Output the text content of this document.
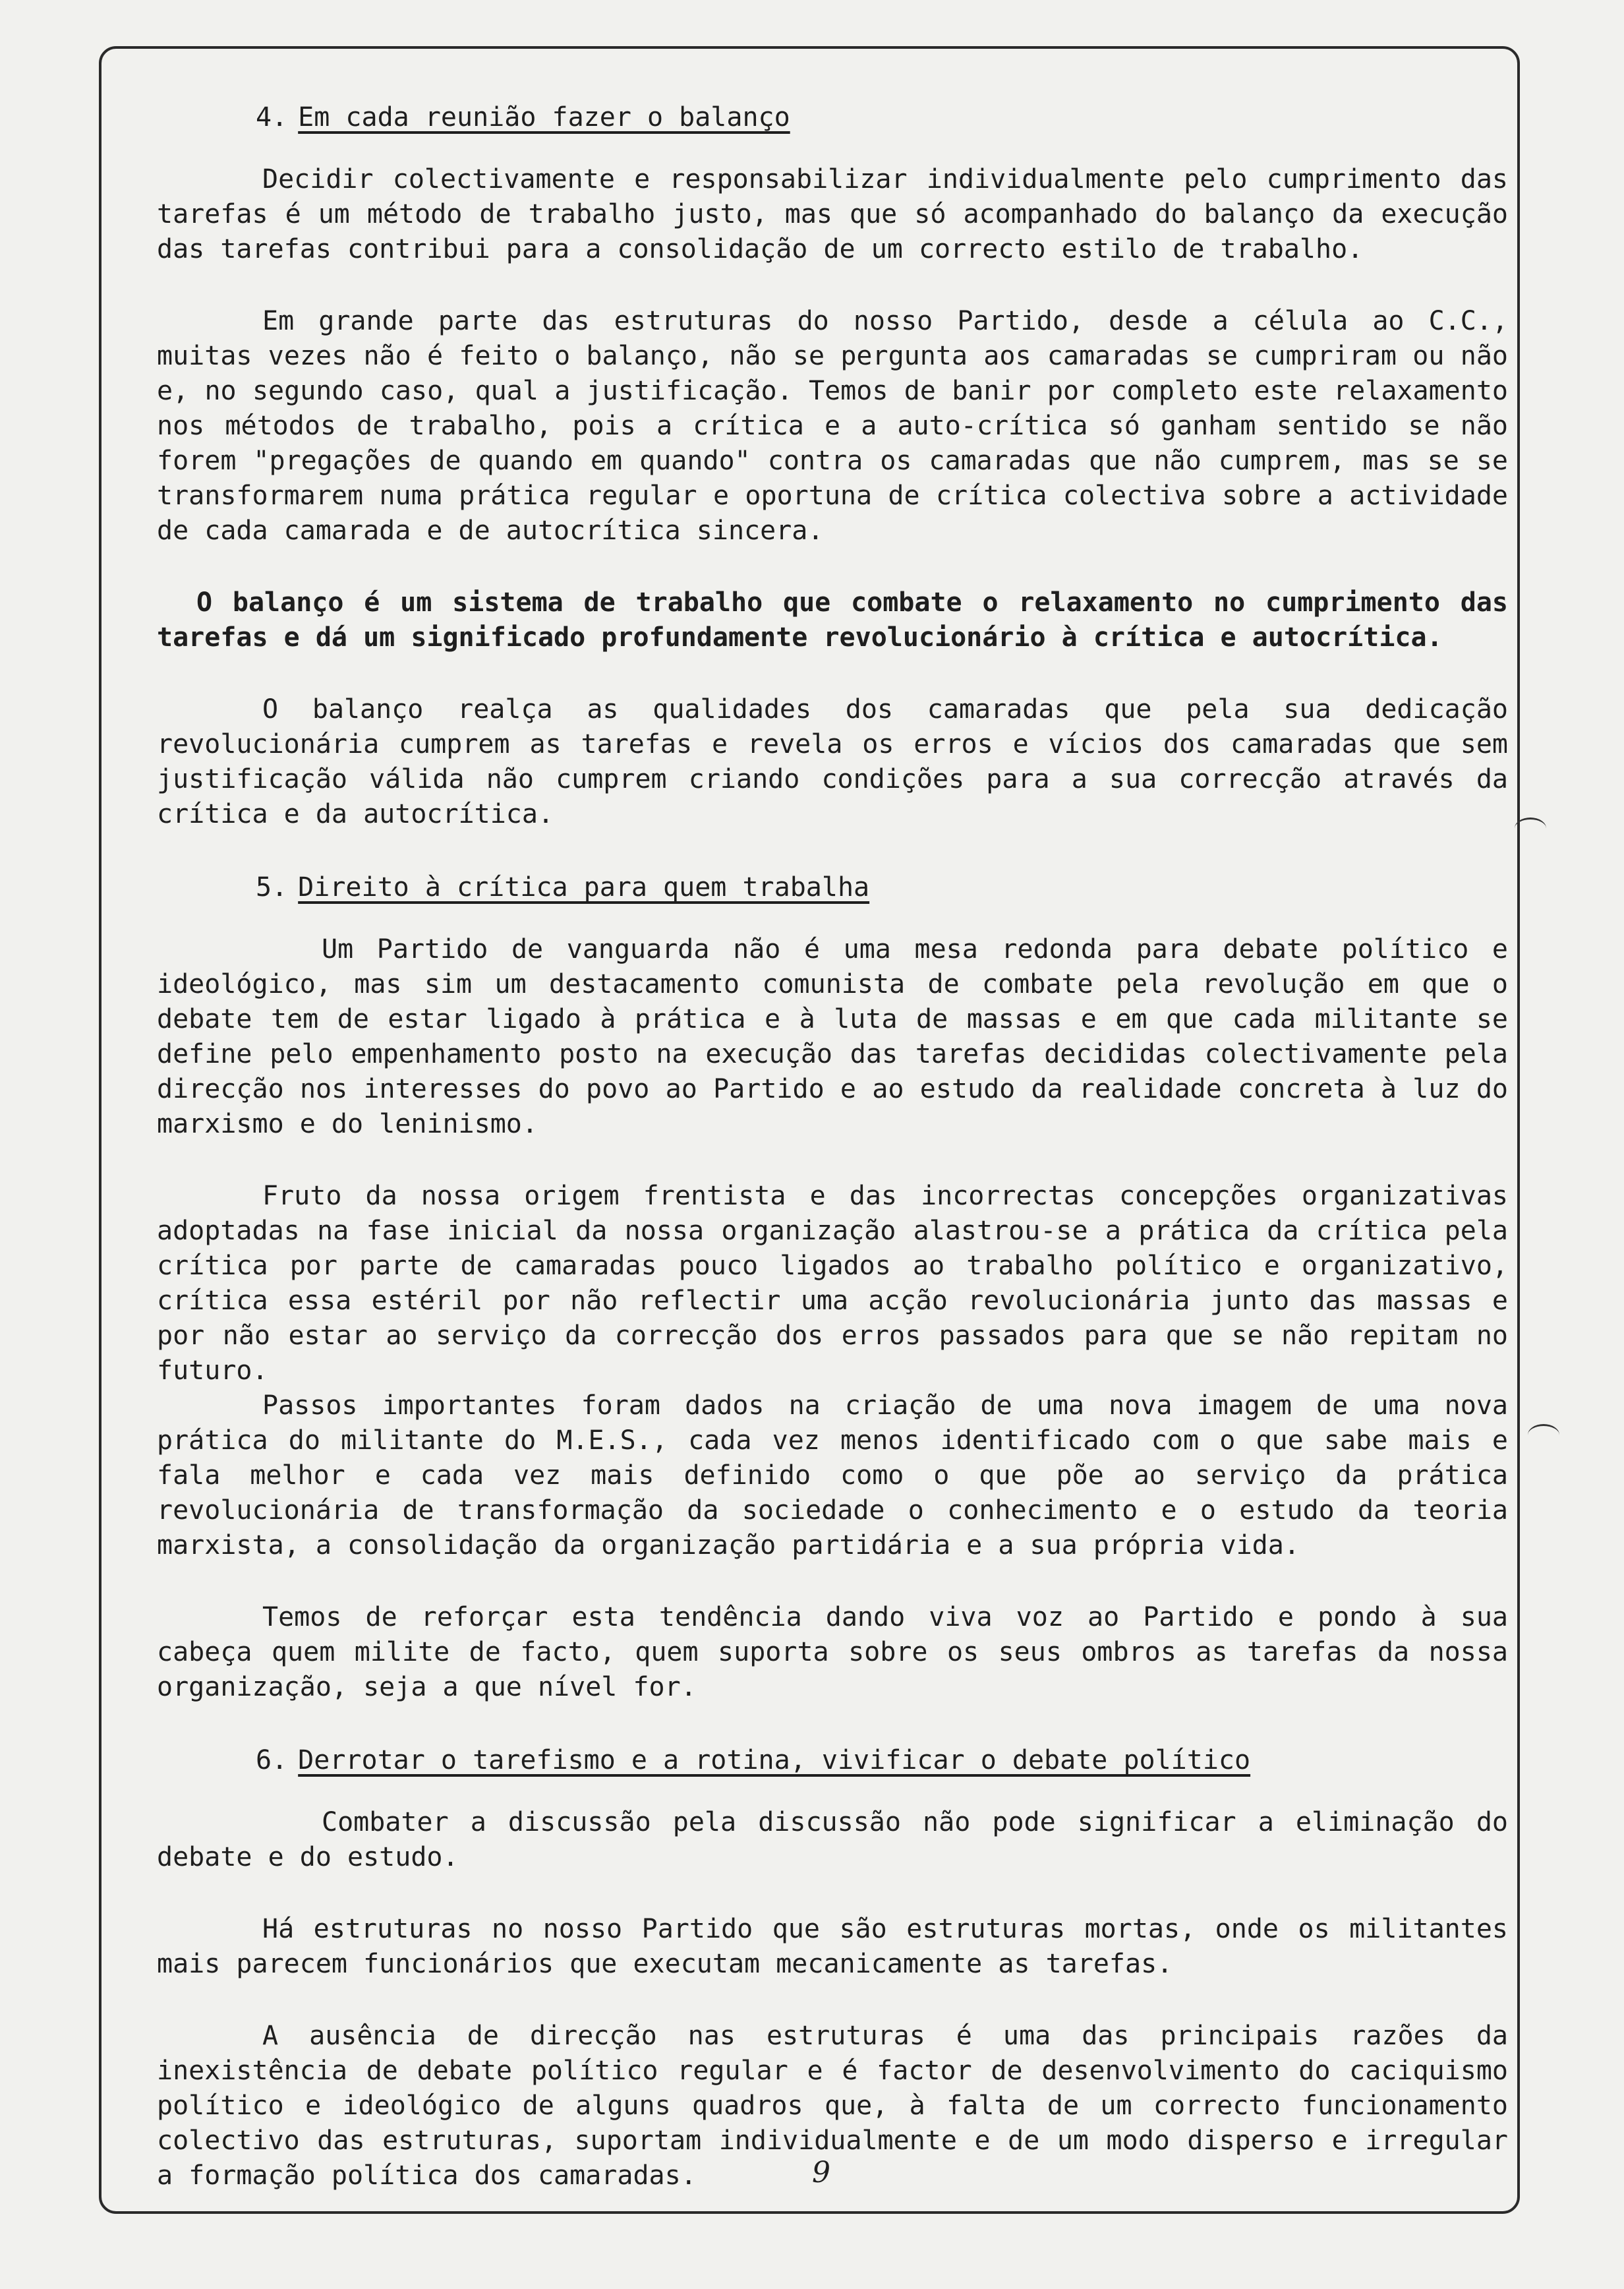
4. Em cada reunião fazer o balanço

Decidir colectivamente e responsabilizar individualmente pelo cumprimento das tarefas é um método de trabalho justo, mas que só acompanhado do balanço da execução das tarefas contribui para a consolidação de um correcto estilo de trabalho.

Em grande parte das estruturas do nosso Partido, desde a célula ao C.C., muitas vezes não é feito o balanço, não se pergunta aos camaradas se cumpriram ou não e, no segundo caso, qual a justificação. Temos de banir por completo este relaxamento nos métodos de trabalho, pois a crítica e a auto-crítica só ganham sentido se não forem "pregações de quando em quando" contra os camaradas que não cumprem, mas se se transformarem numa prática regular e oportuna de crítica colectiva sobre a actividade de cada camarada e de autocrítica sincera.

O balanço é um sistema de trabalho que combate o relaxamento no cumprimento das tarefas e dá um significado profundamente revolucionário à crítica e autocrítica.

O balanço realça as qualidades dos camaradas que pela sua dedicação revolucionária cumprem as tarefas e revela os erros e vícios dos camaradas que sem justificação válida não cumprem criando condições para a sua correcção através da crítica e da autocrítica.

5. Direito à crítica para quem trabalha

Um Partido de vanguarda não é uma mesa redonda para debate político e ideológico, mas sim um destacamento comunista de combate pela revolução em que o debate tem de estar ligado à prática e à luta de massas e em que cada militante se define pelo empenhamento posto na execução das tarefas decididas colectivamente pela direcção nos interesses do povo ao Partido e ao estudo da realidade concreta à luz do marxismo e do leninismo.

Fruto da nossa origem frentista e das incorrectas concepções organizativas adoptadas na fase inicial da nossa organização alastrou-se a prática da crítica pela crítica por parte de camaradas pouco ligados ao trabalho político e organizativo, crítica essa estéril por não reflectir uma acção revolucionária junto das massas e por não estar ao serviço da correcção dos erros passados para que se não repitam no futuro.

Passos importantes foram dados na criação de uma nova imagem de uma nova prática do militante do M.E.S., cada vez menos identificado com o que sabe mais e fala melhor e cada vez mais definido como o que põe ao serviço da prática revolucionária de transformação da sociedade o conhecimento e o estudo da teoria marxista, a consolidação da organização partidária e a sua própria vida.

Temos de reforçar esta tendência dando viva voz ao Partido e pondo à sua cabeça quem milite de facto, quem suporta sobre os seus ombros as tarefas da nossa organização, seja a que nível for.

6. Derrotar o tarefismo e a rotina, vivificar o debate político

Combater a discussão pela discussão não pode significar a eliminação do debate e do estudo.

Há estruturas no nosso Partido que são estruturas mortas, onde os militantes mais parecem funcionários que executam mecanicamente as tarefas.

A ausência de direcção nas estruturas é uma das principais razões da inexistência de debate político regular e é factor de desenvolvimento do caciquismo político e ideológico de alguns quadros que, à falta de um correcto funcionamento colectivo das estruturas, suportam individualmente e de um modo disperso e irregular a formação política dos camaradas.	9
